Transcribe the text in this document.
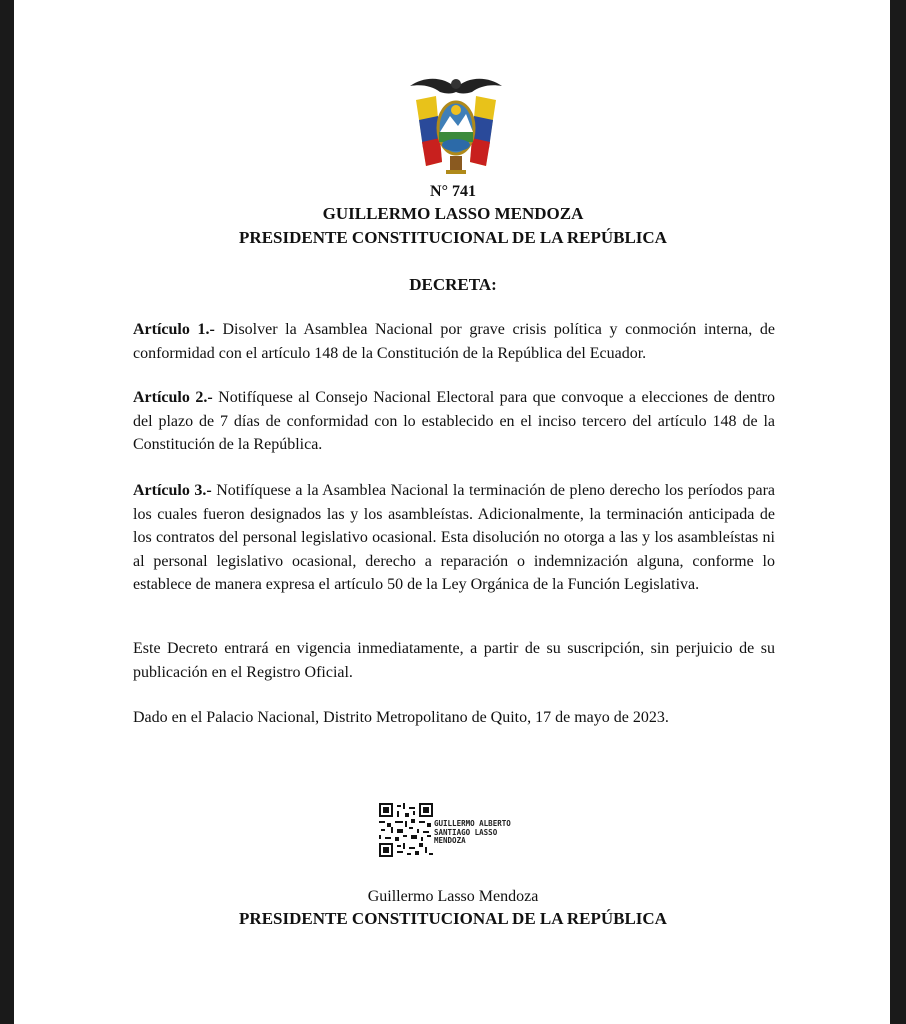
N° 741
GUILLERMO LASSO MENDOZA
PRESIDENTE CONSTITUCIONAL DE LA REPÚBLICA
DECRETA:
Artículo 1.- Disolver la Asamblea Nacional por grave crisis política y conmoción interna, de conformidad con el artículo 148 de la Constitución de la República del Ecuador.
Artículo 2.- Notifíquese al Consejo Nacional Electoral para que convoque a elecciones de dentro del plazo de 7 días de conformidad con lo establecido en el inciso tercero del artículo 148 de la Constitución de la República.
Artículo 3.- Notifíquese a la Asamblea Nacional la terminación de pleno derecho los períodos para los cuales fueron designados las y los asambleístas. Adicionalmente, la terminación anticipada de los contratos del personal legislativo ocasional. Esta disolución no otorga a las y los asambleístas ni al personal legislativo ocasional, derecho a reparación o indemnización alguna, conforme lo establece de manera expresa el artículo 50 de la Ley Orgánica de la Función Legislativa.
Este Decreto entrará en vigencia inmediatamente, a partir de su suscripción, sin perjuicio de su publicación en el Registro Oficial.
Dado en el Palacio Nacional, Distrito Metropolitano de Quito, 17 de mayo de 2023.
GUILLERMO ALBERTO
SANTIAGO LASSO
MENDOZA
Guillermo Lasso Mendoza
PRESIDENTE CONSTITUCIONAL DE LA REPÚBLICA
